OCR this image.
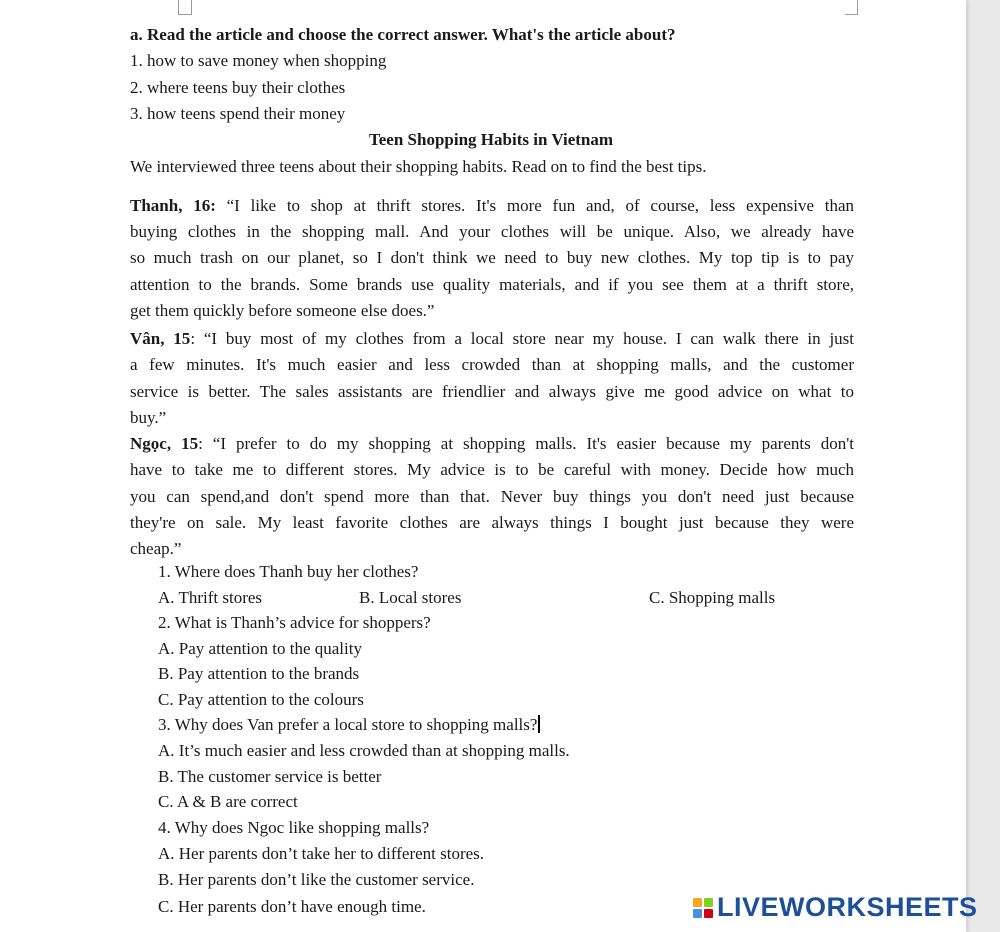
a. Read the article and choose the correct answer. What's the article about?
1. how to save money when shopping
2. where teens buy their clothes
3. how teens spend their money
Teen Shopping Habits in Vietnam
We interviewed three teens about their shopping habits. Read on to find the best tips.
Thanh, 16: “I like to shop at thrift stores. It's more fun and, of course, less expensive than
buying clothes in the shopping mall. And your clothes will be unique. Also, we already have
so much trash on our planet, so I don't think we need to buy new clothes. My top tip is to pay
attention to the brands. Some brands use quality materials, and if you see them at a thrift store,
get them quickly before someone else does.”
Vân, 15: “I buy most of my clothes from a local store near my house. I can walk there in just
a few minutes. It's much easier and less crowded than at shopping malls, and the customer
service is better. The sales assistants are friendlier and always give me good advice on what to
buy.”
Ngọc, 15: “I prefer to do my shopping at shopping malls. It's easier because my parents don't
have to take me to different stores. My advice is to be careful with money. Decide how much
you can spend,and don't spend more than that. Never buy things you don't need just because
they're on sale. My least favorite clothes are always things I bought just because they were
cheap.”
1. Where does Thanh buy her clothes?
A. Thrift stores	B. Local stores	C. Shopping malls
2. What is Thanh’s advice for shoppers?
A. Pay attention to the quality
B. Pay attention to the brands
C. Pay attention to the colours
3. Why does Van prefer a local store to shopping malls?
A. It’s much easier and less crowded than at shopping malls.
B. The customer service is better
C. A & B are correct
4. Why does Ngoc like shopping malls?
A. Her parents don’t take her to different stores.
B. Her parents don’t like the customer service.
C. Her parents don’t have enough time.	LIVEWORKSHEETS
